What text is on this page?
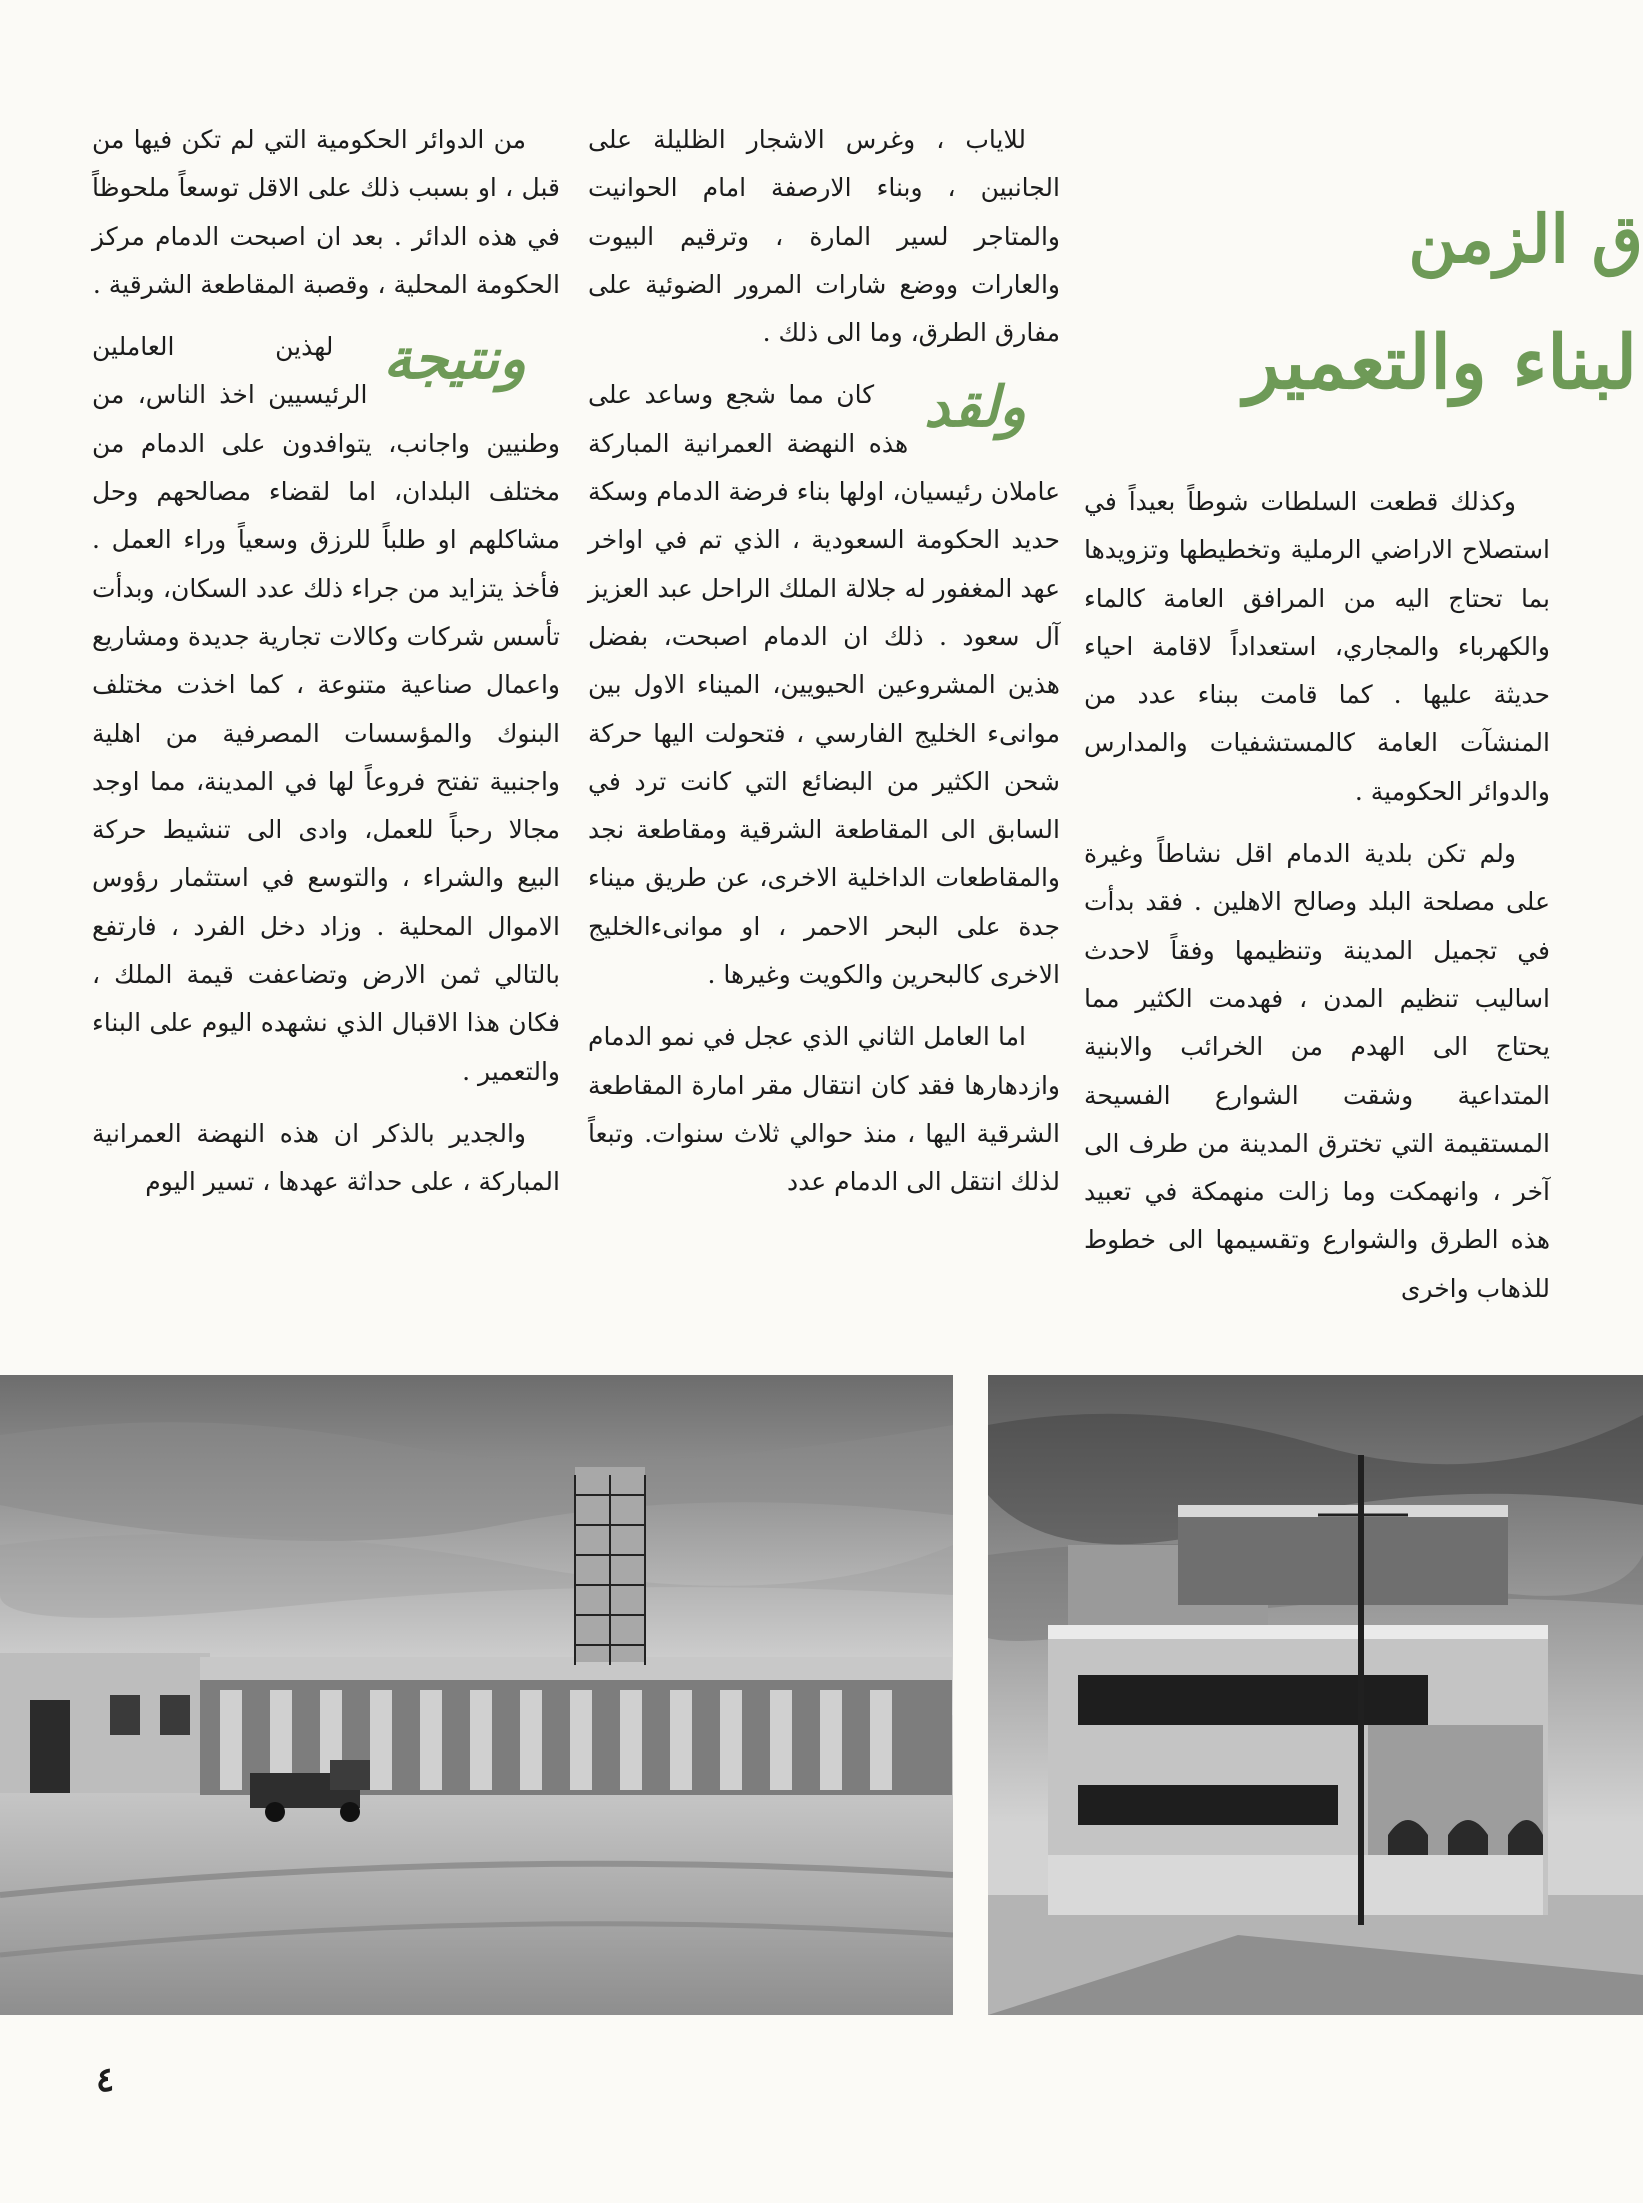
ق الزمن
لبناء والتعمير

وكذلك قطعت السلطات شوطاً بعيداً في استصلاح الاراضي الرملية وتخطيطها وتزويدها بما تحتاج اليه من المرافق العامة كالماء والكهرباء والمجاري، استعداداً لاقامة احياء حديثة عليها . كما قامت ببناء عدد من المنشآت العامة كالمستشفيات والمدارس والدوائر الحكومية .

ولم تكن بلدية الدمام اقل نشاطاً وغيرة على مصلحة البلد وصالح الاهلين . فقد بدأت في تجميل المدينة وتنظيمها وفقاً لاحدث اساليب تنظيم المدن ، فهدمت الكثير مما يحتاج الى الهدم من الخرائب والابنية المتداعية وشقت الشوارع الفسيحة المستقيمة التي تخترق المدينة من طرف الى آخر ، وانهمكت وما زالت منهمكة في تعبيد هذه الطرق والشوارع وتقسيمها الى خطوط للذهاب واخرى

للاياب ، وغرس الاشجار الظليلة على الجانبين ، وبناء الارصفة امام الحوانيت والمتاجر لسير المارة ، وترقيم البيوت والعارات ووضع شارات المرور الضوئية على مفارق الطرق، وما الى ذلك .

ولقد
كان مما شجع وساعد على هذه النهضة العمرانية المباركة عاملان رئيسيان، اولها بناء فرضة الدمام وسكة حديد الحكومة السعودية ، الذي تم في اواخر عهد المغفور له جلالة الملك الراحل عبد العزيز آل سعود . ذلك ان الدمام اصبحت، بفضل هذين المشروعين الحيويين، الميناء الاول بين موانىء الخليج الفارسي ، فتحولت اليها حركة شحن الكثير من البضائع التي كانت ترد في السابق الى المقاطعة الشرقية ومقاطعة نجد والمقاطعات الداخلية الاخرى، عن طريق ميناء جدة على البحر الاحمر ، او موانىءالخليج الاخرى كالبحرين والكويت وغيرها .

اما العامل الثاني الذي عجل في نمو الدمام وازدهارها فقد كان انتقال مقر امارة المقاطعة الشرقية اليها ، منذ حوالي ثلاث سنوات. وتبعاً لذلك انتقل الى الدمام عدد

من الدوائر الحكومية التي لم تكن فيها من قبل ، او بسبب ذلك على الاقل توسعاً ملحوظاً في هذه الدائر . بعد ان اصبحت الدمام مركز الحكومة المحلية ، وقصبة المقاطعة الشرقية .

ونتيجة
لهذين العاملين الرئيسيين اخذ الناس، من وطنيين واجانب، يتوافدون على الدمام من مختلف البلدان، اما لقضاء مصالحهم وحل مشاكلهم او طلباً للرزق وسعياً وراء العمل . فأخذ يتزايد من جراء ذلك عدد السكان، وبدأت تأسس شركات وكالات تجارية جديدة ومشاريع واعمال صناعية متنوعة ، كما اخذت مختلف البنوك والمؤسسات المصرفية من اهلية واجنبية تفتح فروعاً لها في المدينة، مما اوجد مجالا رحباً للعمل، وادى الى تنشيط حركة البيع والشراء ، والتوسع في استثمار رؤوس الاموال المحلية . وزاد دخل الفرد ، فارتفع بالتالي ثمن الارض وتضاعفت قيمة الملك ، فكان هذا الاقبال الذي نشهده اليوم على البناء والتعمير .

والجدير بالذكر ان هذه النهضة العمرانية المباركة ، على حداثة عهدها ، تسير اليوم

٤
